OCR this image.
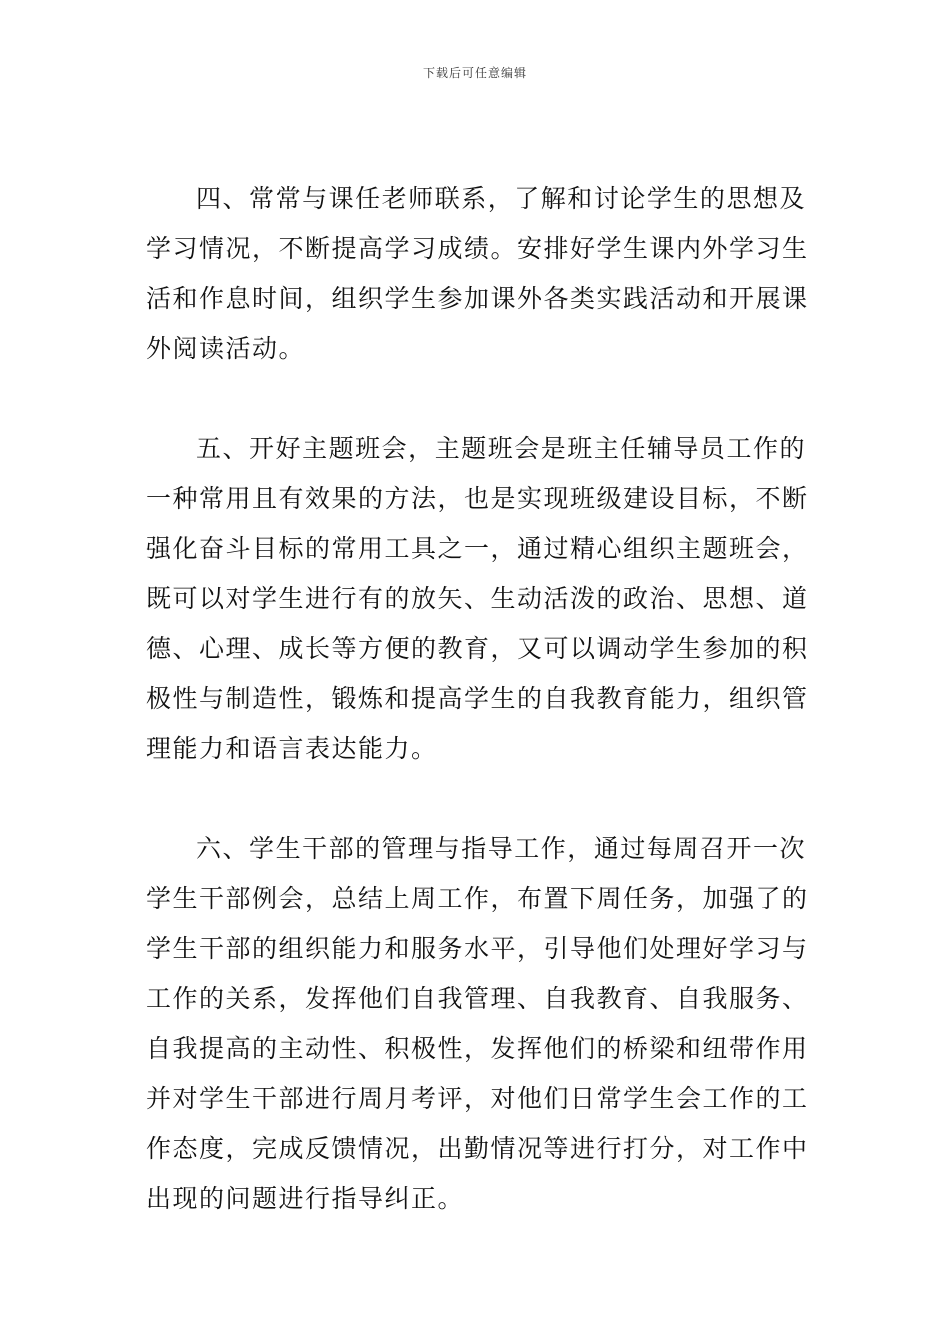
下载后可任意编辑

四、常常与课任老师联系，了解和讨论学生的思想及
学习情况，不断提高学习成绩。安排好学生课内外学习生
活和作息时间，组织学生参加课外各类实践活动和开展课
外阅读活动。

五、开好主题班会，主题班会是班主任辅导员工作的
一种常用且有效果的方法，也是实现班级建设目标，不断
强化奋斗目标的常用工具之一，通过精心组织主题班会，
既可以对学生进行有的放矢、生动活泼的政治、思想、道
德、心理、成长等方便的教育，又可以调动学生参加的积
极性与制造性，锻炼和提高学生的自我教育能力，组织管
理能力和语言表达能力。

六、学生干部的管理与指导工作，通过每周召开一次
学生干部例会，总结上周工作，布置下周任务，加强了的
学生干部的组织能力和服务水平，引导他们处理好学习与
工作的关系，发挥他们自我管理、自我教育、自我服务、
自我提高的主动性、积极性，发挥他们的桥梁和纽带作用
并对学生干部进行周月考评，对他们日常学生会工作的工
作态度，完成反馈情况，出勤情况等进行打分，对工作中
出现的问题进行指导纠正。
